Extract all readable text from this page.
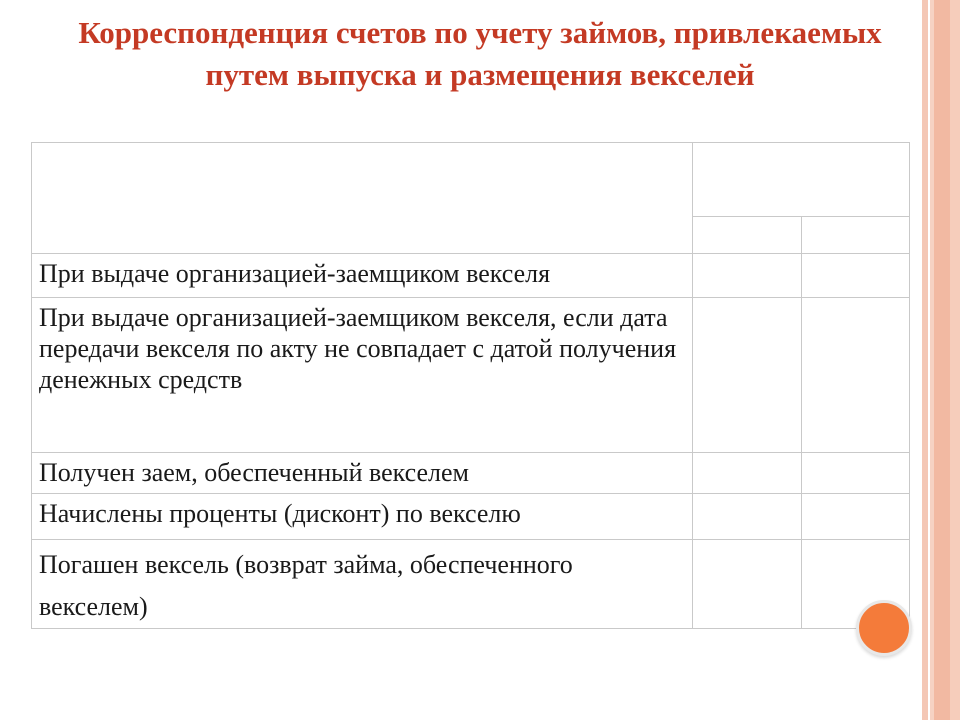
Корреспонденция счетов по учету займов, привлекаемых путем выпуска и размещения векселей

При выдаче организацией-заемщиком векселя		

При выдаче организацией-заемщиком векселя, если дата передачи векселя по акту не совпадает с датой получения денежных средств		

Получен заем, обеспеченный векселем		

Начислены проценты (дисконт) по векселю		

Погашен вексель (возврат займа, обеспеченного векселем)		
